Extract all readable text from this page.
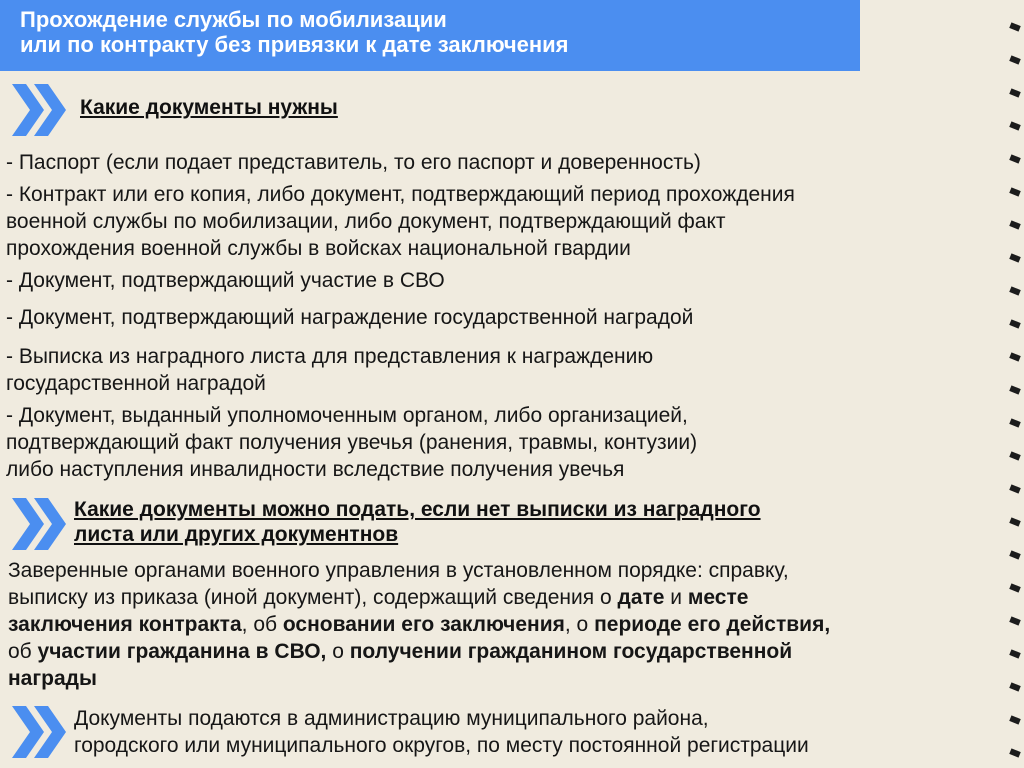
Прохождение службы по мобилизации
или по контракту без привязки к дате заключения
Какие документы нужны
- Паспорт (если подает представитель, то его паспорт и доверенность)
- Контракт или его копия, либо документ, подтверждающий период прохождения
военной службы по мобилизации, либо документ, подтверждающий факт
прохождения военной службы в войсках национальной гвардии
- Документ, подтверждающий участие в СВО
- Документ, подтверждающий награждение государственной наградой
- Выписка из наградного листа для представления к награждению
государственной наградой
- Документ, выданный уполномоченным органом, либо организацией,
подтверждающий факт получения увечья (ранения, травмы, контузии)
либо наступления инвалидности вследствие получения увечья
Какие документы можно подать, если нет выписки из наградного
листа или других документнов
Заверенные органами военного управления в установленном порядке: справку,
выписку из приказа (иной документ), содержащий сведения о дате и месте
заключения контракта, об основании его заключения, о периоде его действия,
об участии гражданина в СВО, о получении гражданином государственной
награды
Документы подаются в администрацию муниципального района,
городского или муниципального округов, по месту постоянной регистрации
